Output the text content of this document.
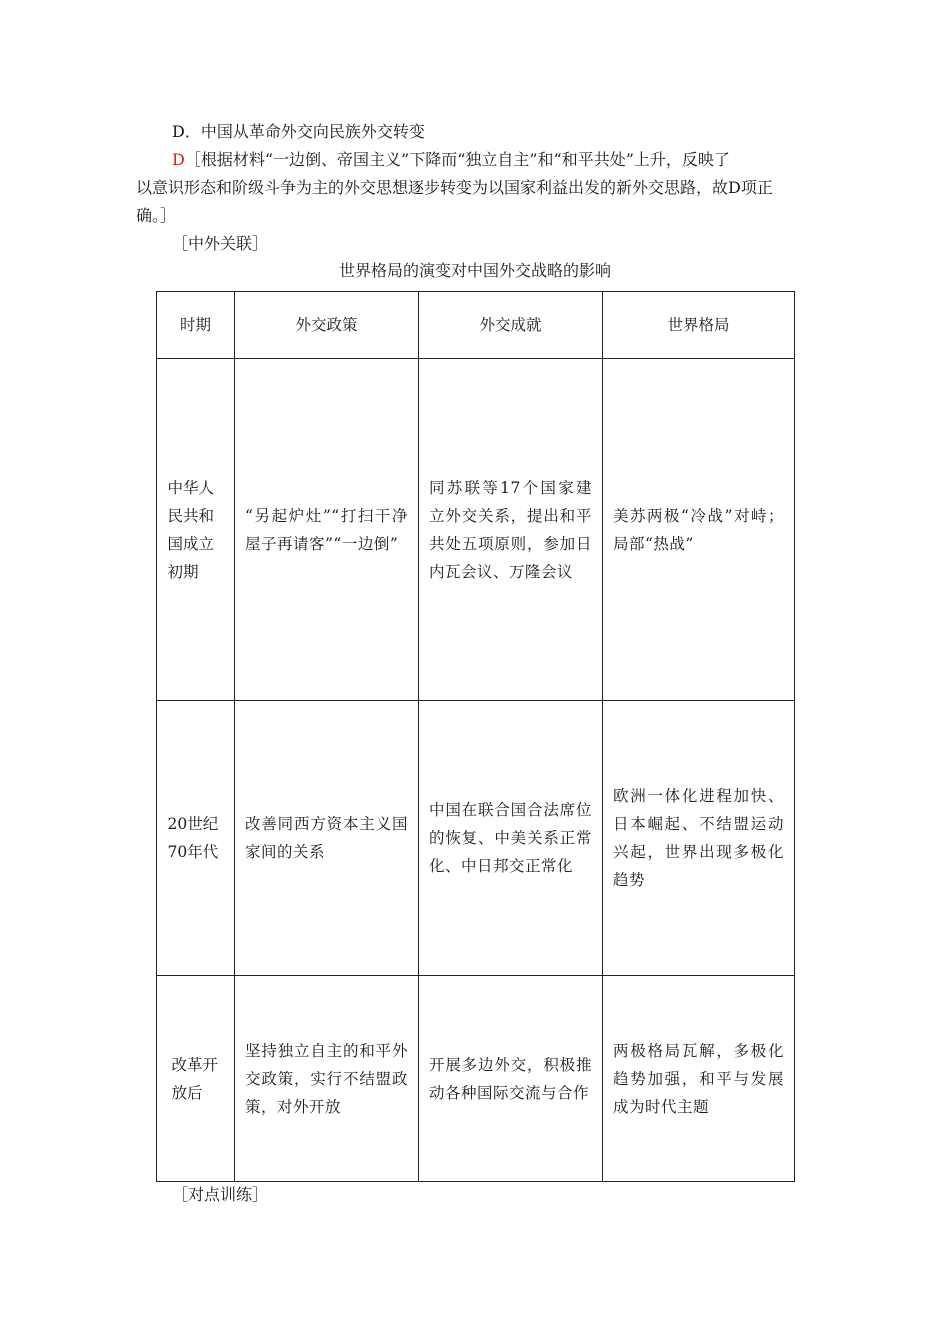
D．中国从革命外交向民族外交转变
D［根据材料“一边倒、帝国主义”下降而“独立自主”和“和平共处”上升，反映了
以意识形态和阶级斗争为主的外交思想逐步转变为以国家利益出发的新外交思路，故D项正
确。］
［中外关联］
世界格局的演变对中国外交战略的影响
时期	外交政策	外交成就	世界格局

中华人民共和国成立初期	“另起炉灶”“打扫干净屋子再请客”“一边倒”	同苏联等17个国家建立外交关系，提出和平共处五项原则，参加日内瓦会议、万隆会议	美苏两极“冷战”对峙；局部“热战”

20世纪70年代	改善同西方资本主义国家间的关系	中国在联合国合法席位的恢复、中美关系正常化、中日邦交正常化	欧洲一体化进程加快、日本崛起、不结盟运动兴起，世界出现多极化趋势

改革开放后	坚持独立自主的和平外交政策，实行不结盟政策，对外开放	开展多边外交，积极推动各种国际交流与合作	两极格局瓦解，多极化趋势加强，和平与发展成为时代主题
［对点训练］
